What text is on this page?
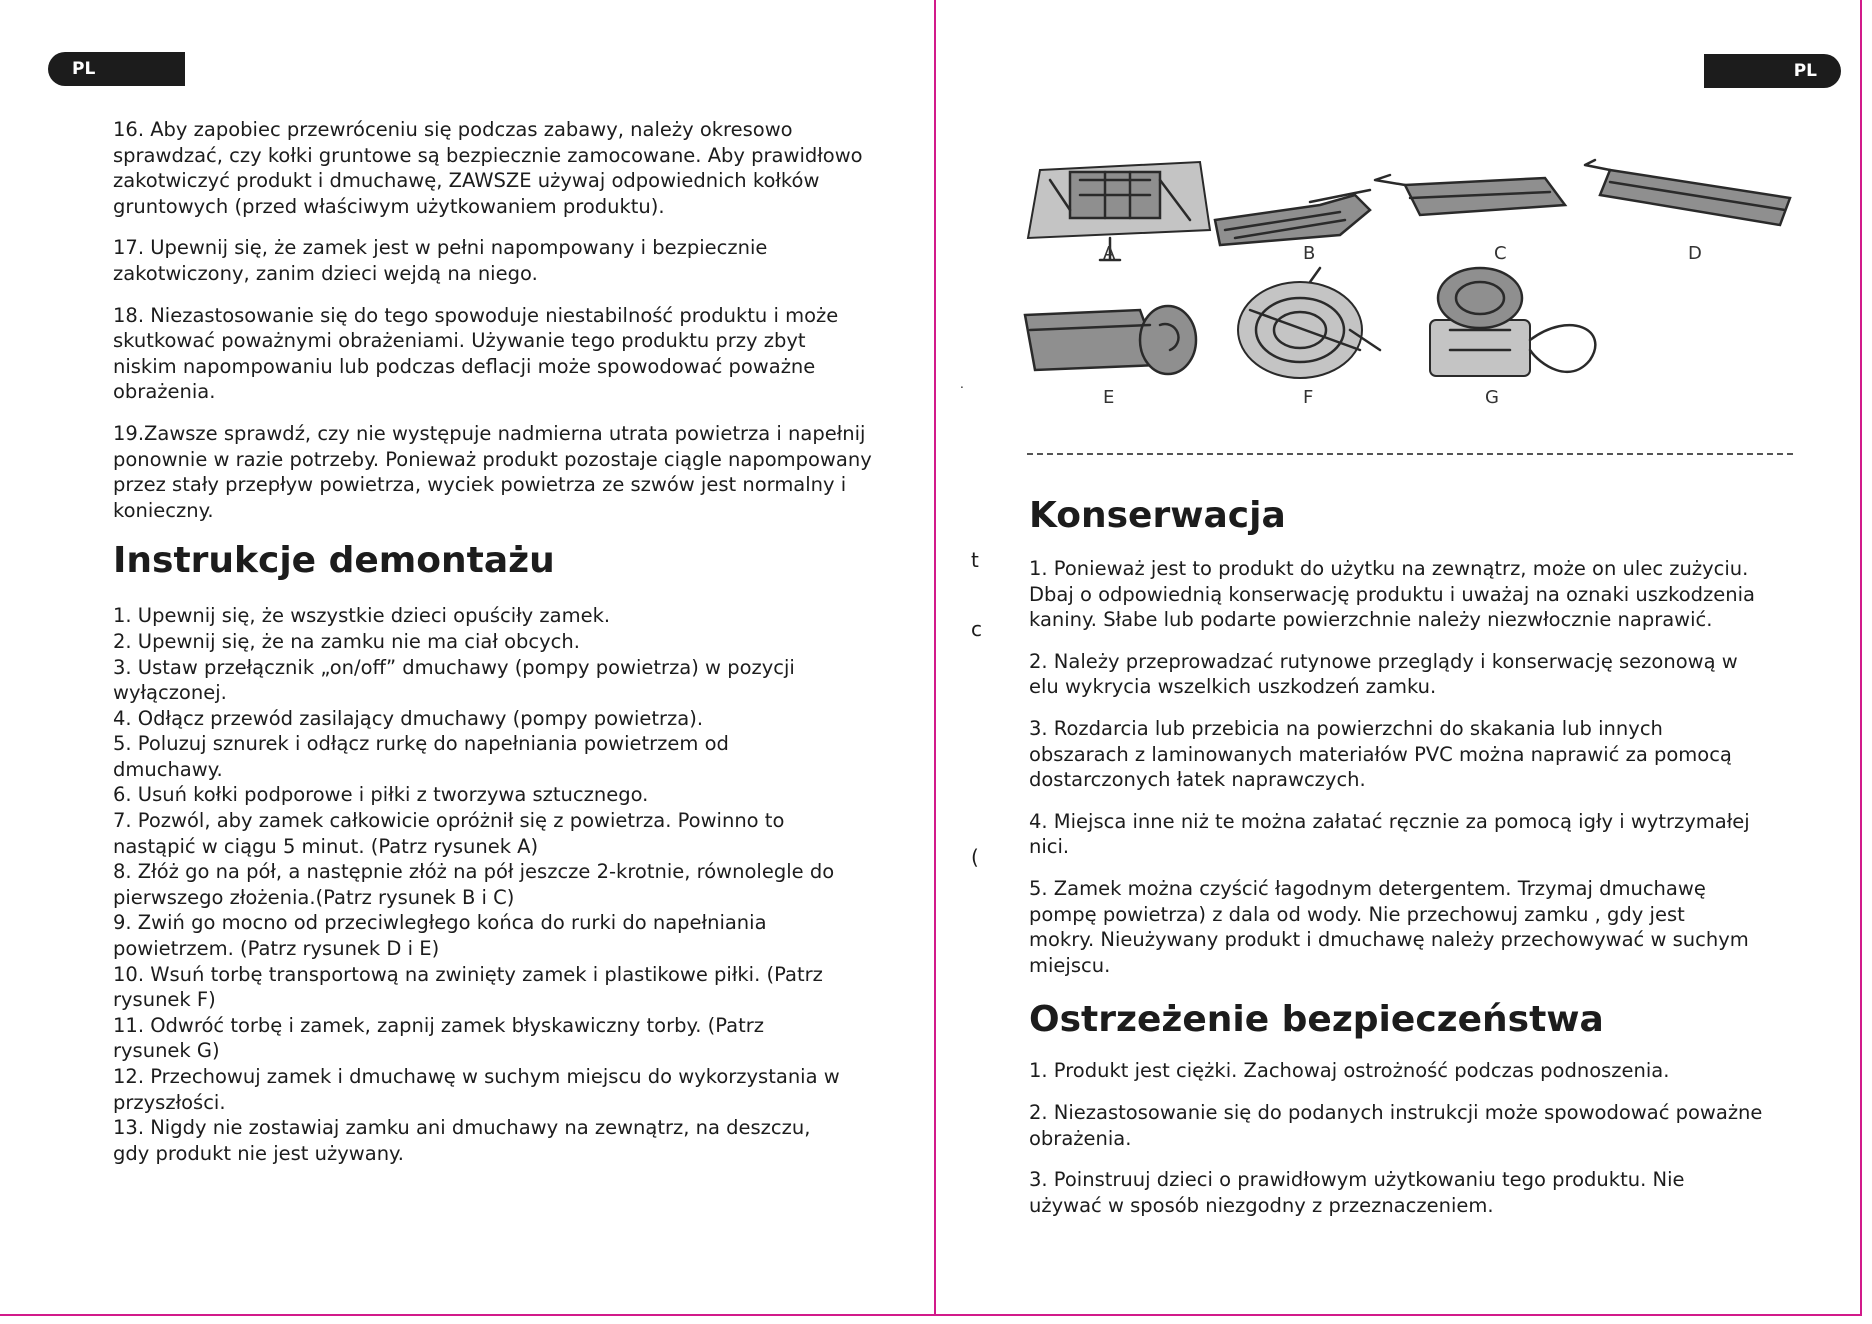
PL	PL

16. Aby zapobiec przewróceniu się podczas zabawy, należy okresowo sprawdzać, czy kołki gruntowe są bezpiecznie zamocowane. Aby prawidłowo zakotwiczyć produkt i dmuchawę, ZAWSZE używaj odpowiednich kołków gruntowych (przed właściwym użytkowaniem produktu).

17. Upewnij się, że zamek jest w pełni napompowany i bezpiecznie zakotwiczony, zanim dzieci wejdą na niego.

18. Niezastosowanie się do tego spowoduje niestabilność produktu i może skutkować poważnymi obrażeniami. Używanie tego produktu przy zbyt niskim napompowaniu lub podczas deflacji może spowodować poważne obrażenia.

19.Zawsze sprawdź, czy nie występuje nadmierna utrata powietrza i napełnij ponownie w razie potrzeby. Ponieważ produkt pozostaje ciągle napompowany przez stały przepływ powietrza, wyciek powietrza ze szwów jest normalny i konieczny.

Instrukcje demontażu

1. Upewnij się, że wszystkie dzieci opuściły zamek.

2. Upewnij się, że na zamku nie ma ciał obcych.

3. Ustaw przełącznik „on/off” dmuchawy (pompy powietrza) w pozycji

wyłączonej.

4. Odłącz przewód zasilający dmuchawy (pompy powietrza).

5. Poluzuj sznurek i odłącz rurkę do napełniania powietrzem od

dmuchawy.

6. Usuń kołki podporowe i piłki z tworzywa sztucznego.

7. Pozwól, aby zamek całkowicie opróżnił się z powietrza. Powinno to

nastąpić w ciągu 5 minut. (Patrz rysunek A)

8. Złóż go na pół, a następnie złóż na pół jeszcze 2-krotnie, równolegle do

pierwszego złożenia.(Patrz rysunek B i C)

9. Zwiń go mocno od przeciwległego końca do rurki do napełniania

powietrzem. (Patrz rysunek D i E)

10. Wsuń torbę transportową na zwinięty zamek i plastikowe piłki. (Patrz

rysunek F)

11. Odwróć torbę i zamek, zapnij zamek błyskawiczny torby. (Patrz

rysunek G)

12. Przechowuj zamek i dmuchawę w suchym miejscu do wykorzystania w

przyszłości.

13. Nigdy nie zostawiaj zamku ani dmuchawy na zewnątrz, na deszczu,

gdy produkt nie jest używany.

.
t
c
(
A	B	C	D
E	F	G
Konserwacja

1. Ponieważ jest to produkt do użytku na zewnątrz, może on ulec zużyciu.
Dbaj o odpowiednią konserwację produktu i uważaj na oznaki uszkodzenia
kaniny. Słabe lub podarte powierzchnie należy niezwłocznie naprawić.

2. Należy przeprowadzać rutynowe przeglądy i konserwację sezonową w
elu wykrycia wszelkich uszkodzeń zamku.

3. Rozdarcia lub przebicia na powierzchni do skakania lub innych
obszarach z laminowanych materiałów PVC można naprawić za pomocą
dostarczonych łatek naprawczych.

4. Miejsca inne niż te można załatać ręcznie za pomocą igły i wytrzymałej
nici.

5. Zamek można czyścić łagodnym detergentem. Trzymaj dmuchawę
pompę powietrza) z dala od wody. Nie przechowuj zamku , gdy jest
mokry. Nieużywany produkt i dmuchawę należy przechowywać w suchym
miejscu.

Ostrzeżenie bezpieczeństwa

1. Produkt jest ciężki. Zachowaj ostrożność podczas podnoszenia.

2. Niezastosowanie się do podanych instrukcji może spowodować poważne
obrażenia.

3. Poinstruuj dzieci o prawidłowym użytkowaniu tego produktu. Nie
używać w sposób niezgodny z przeznaczeniem.
